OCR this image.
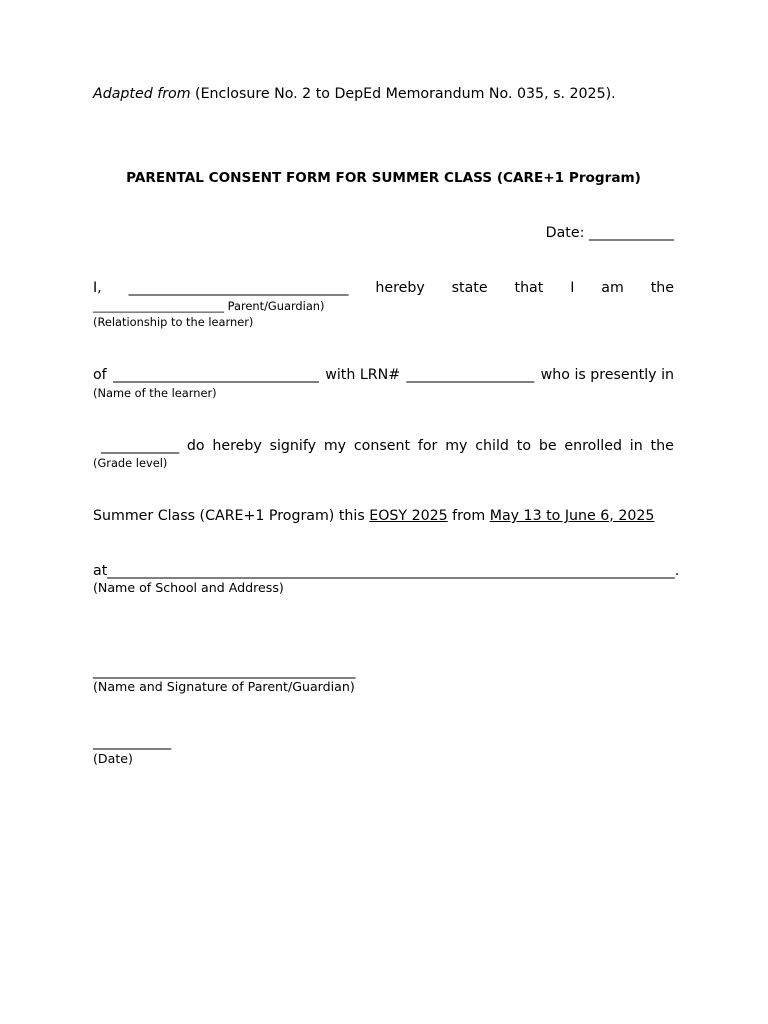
Adapted from (Enclosure No. 2 to DepEd Memorandum No. 035, s. 2025).
PARENTAL CONSENT FORM FOR SUMMER CLASS (CARE+1 Program)
Date: ____________
I, _______________________________ hereby state that I am the
_______________________ Parent/Guardian)
(Relationship to the learner)
of _____________________________ with LRN# __________________ who is presently in
(Name of the learner)
___________ do hereby signify my consent for my child to be enrolled in the
(Grade level)
Summer Class (CARE+1 Program) this EOSY 2025 from May 13 to June 6, 2025
at________________________________________________________________________________.
(Name of School and Address)
_____________________________________
(Name and Signature of Parent/Guardian)
___________
(Date)
